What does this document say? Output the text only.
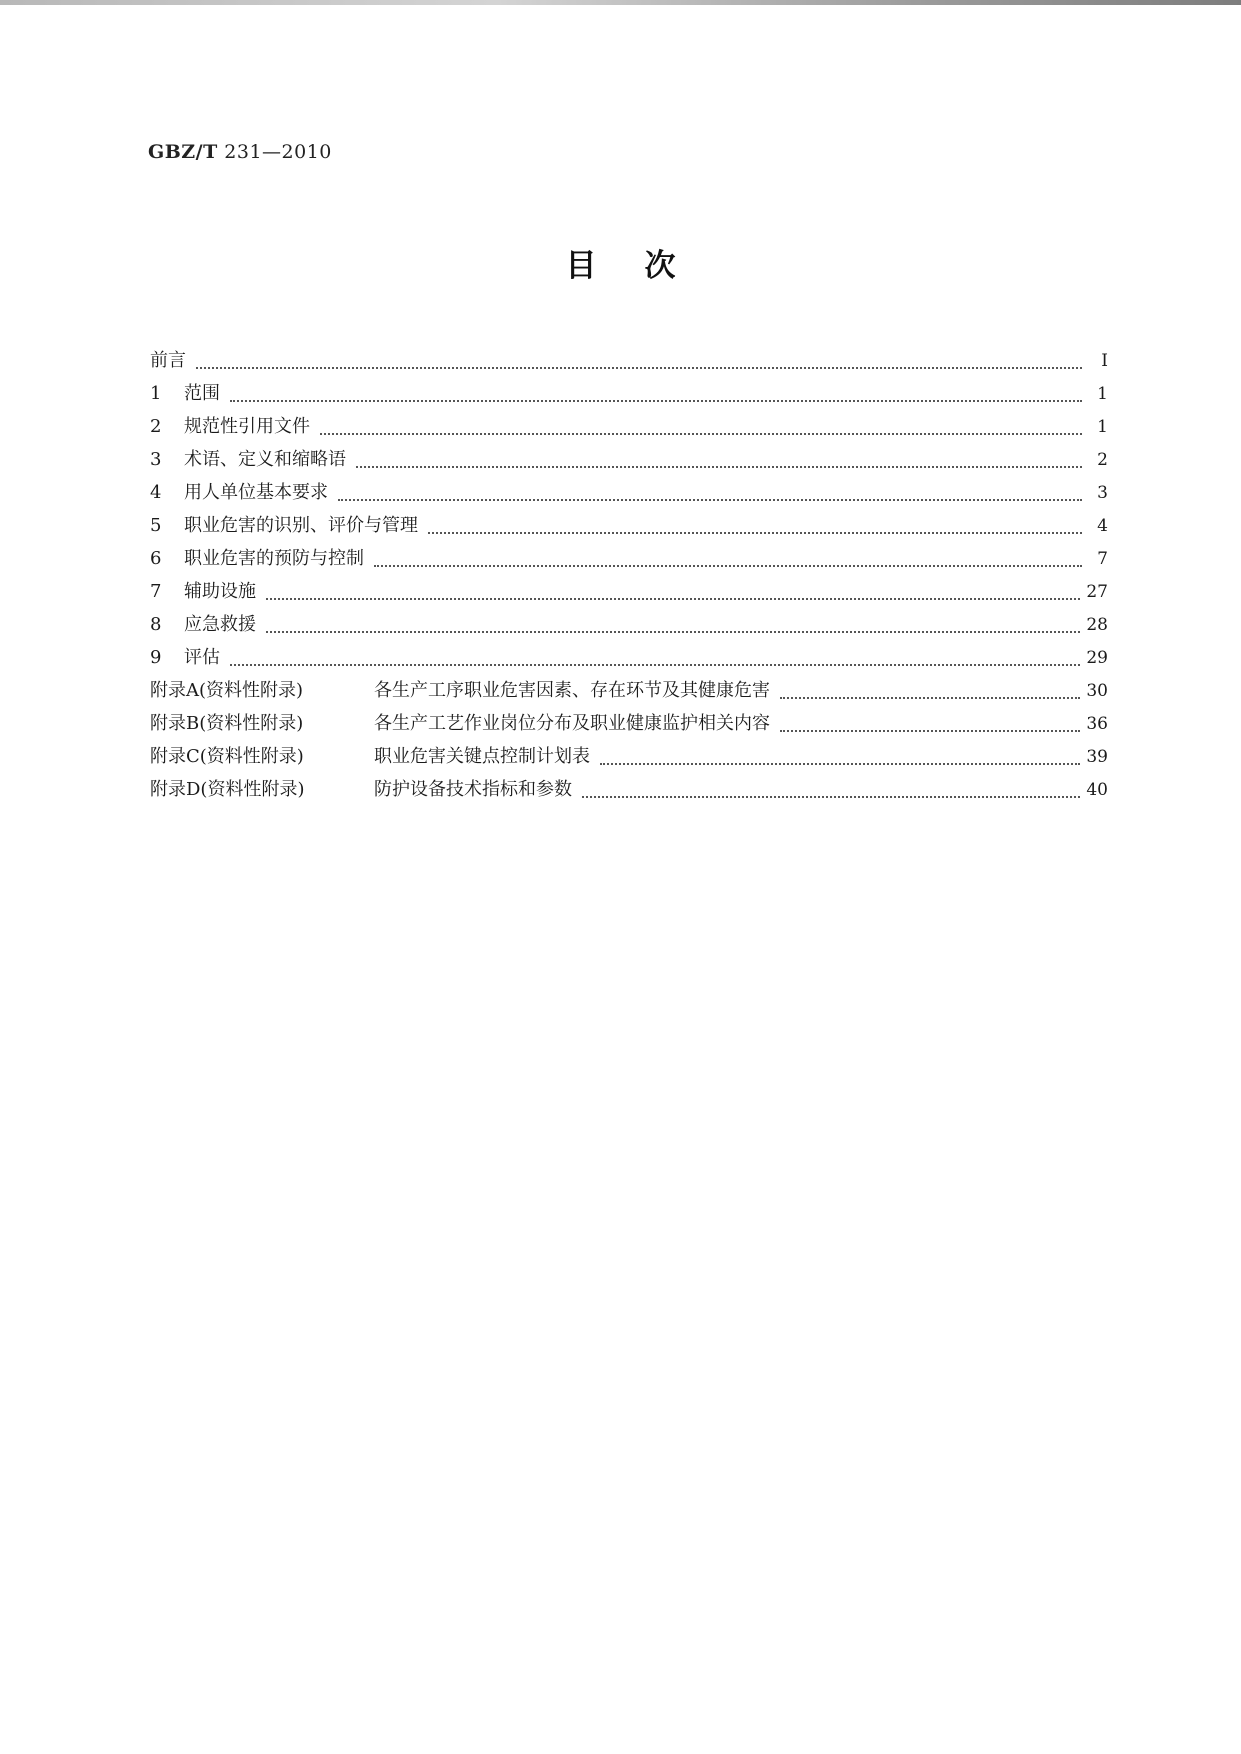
GBZ/T 231—2010
目次
前言	I
1	范围	1
2	规范性引用文件	1
3	术语、定义和缩略语	2
4	用人单位基本要求	3
5	职业危害的识别、评价与管理	4
6	职业危害的预防与控制	7
7	辅助设施	27
8	应急救援	28
9	评估	29
附录A(资料性附录)	各生产工序职业危害因素、存在环节及其健康危害	30
附录B(资料性附录)	各生产工艺作业岗位分布及职业健康监护相关内容	36
附录C(资料性附录)	职业危害关键点控制计划表	39
附录D(资料性附录)	防护设备技术指标和参数	40
